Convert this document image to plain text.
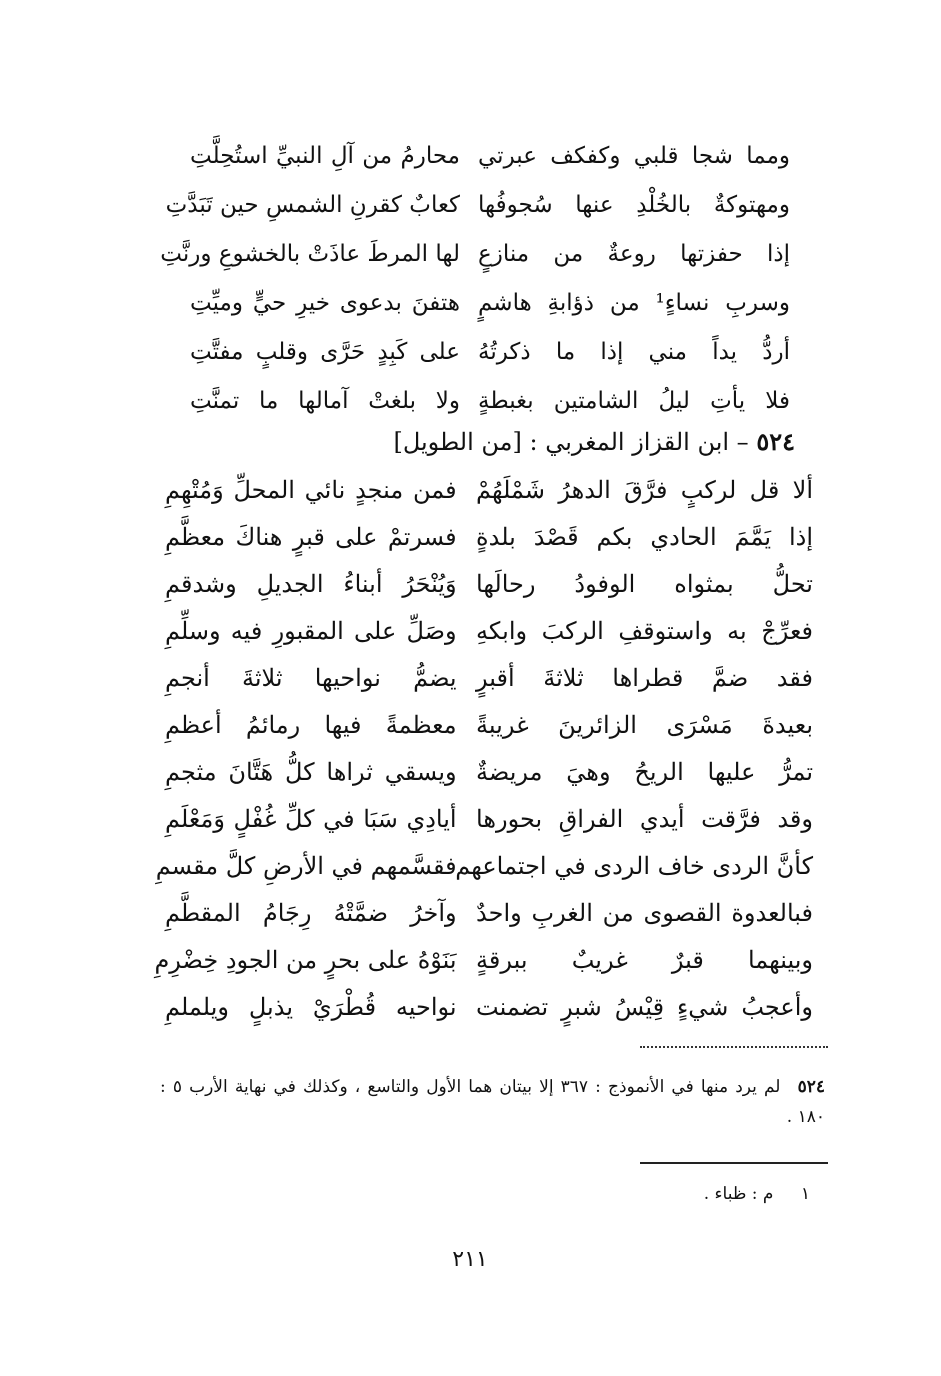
ومما شجا قلبي وكفكف عبرتي
محارمُ من آلِ النبيِّ استُحِلَّتِ
ومهتوكةٌ بالخُلْدِ عنها سُجوفُها
كعابٌ كقرنِ الشمسِ حين تَبَدَّتِ
إذا حفزتها روعةٌ من منازعٍ
لها المرطَ عاذَتْ بالخشوعِ ورنَّتِ
وسربِ نساءٍ¹ من ذؤابةِ هاشمٍ
هتفنَ بدعوى خيرِ حيٍّ وميِّتِ
أردُّ يداً مني إذا ما ذكرتُهُ
على كَبِدٍ حَرَّى وقلبٍ مفتَّتِ
فلا يأتِ ليلُ الشامتين بغبطةٍ
ولا بلغتْ آمالها ما تمنَّتِ
٥٢٤ – ابن القزاز المغربي : [من الطويل]
ألا قل لركبٍ فرَّقَ الدهرُ شَمْلَهُمْ
فمن منجدٍ نائي المحلِّ وَمُتْهِمِ
إذا يَمَّمَ الحادي بكم قَصْدَ بلدةٍ
فسرتمْ على قبرٍ هناكَ معظَّمِ
تحلُّ بمثواه الوفودُ رحالَها
وَيُنْحَرُ أبناءُ الجديلِ وشدقمِ
فعرِّجْ به واستوقفِ الركبَ وابكهِ
وصَلِّ على المقبورِ فيه وسلِّمِ
فقد ضمَّ قطراها ثلاثةَ أقبرٍ
يضمُّ نواحيها ثلاثةَ أنجمِ
بعيدةَ مَسْرَى الزائرينَ غريبةً
معظمةً فيها رمائمُ أعظمِ
تمرُّ عليها الريحُ وهيَ مريضةٌ
ويسقي ثراها كلُّ هَتَّانَ مثجمِ
وقد فرَّقت أيدي الفراقِ بحورها
أيادِي سَبَا في كلِّ غُفْلٍ وَمَعْلَمِ
كأنَّ الردى خاف الردى في اجتماعهم
فقسَّمهم في الأرضِ كلَّ مقسمِ
فبالعدوة القصوى من الغربِ واحدٌ
وآخرُ ضمَّتْهُ رِجَامُ المقطَّمِ
وبينهما قبرٌ غريبٌ ببرقةٍ
بَنَوْهُ على بحرٍ من الجودِ خِضْرِمِ
وأعجبُ شيءٍ قِيْسُ شبرٍ تضمنت
نواحيه قُطْرَيْ يذبلٍ ويلملمِ
٥٢٤ لم يرد منها في الأنموذج : ٣٦٧ إلا بيتان هما الأول والتاسع ، وكذلك في نهاية الأرب ٥ : ١٨٠ .
١ م : ظباء .
٢١١
